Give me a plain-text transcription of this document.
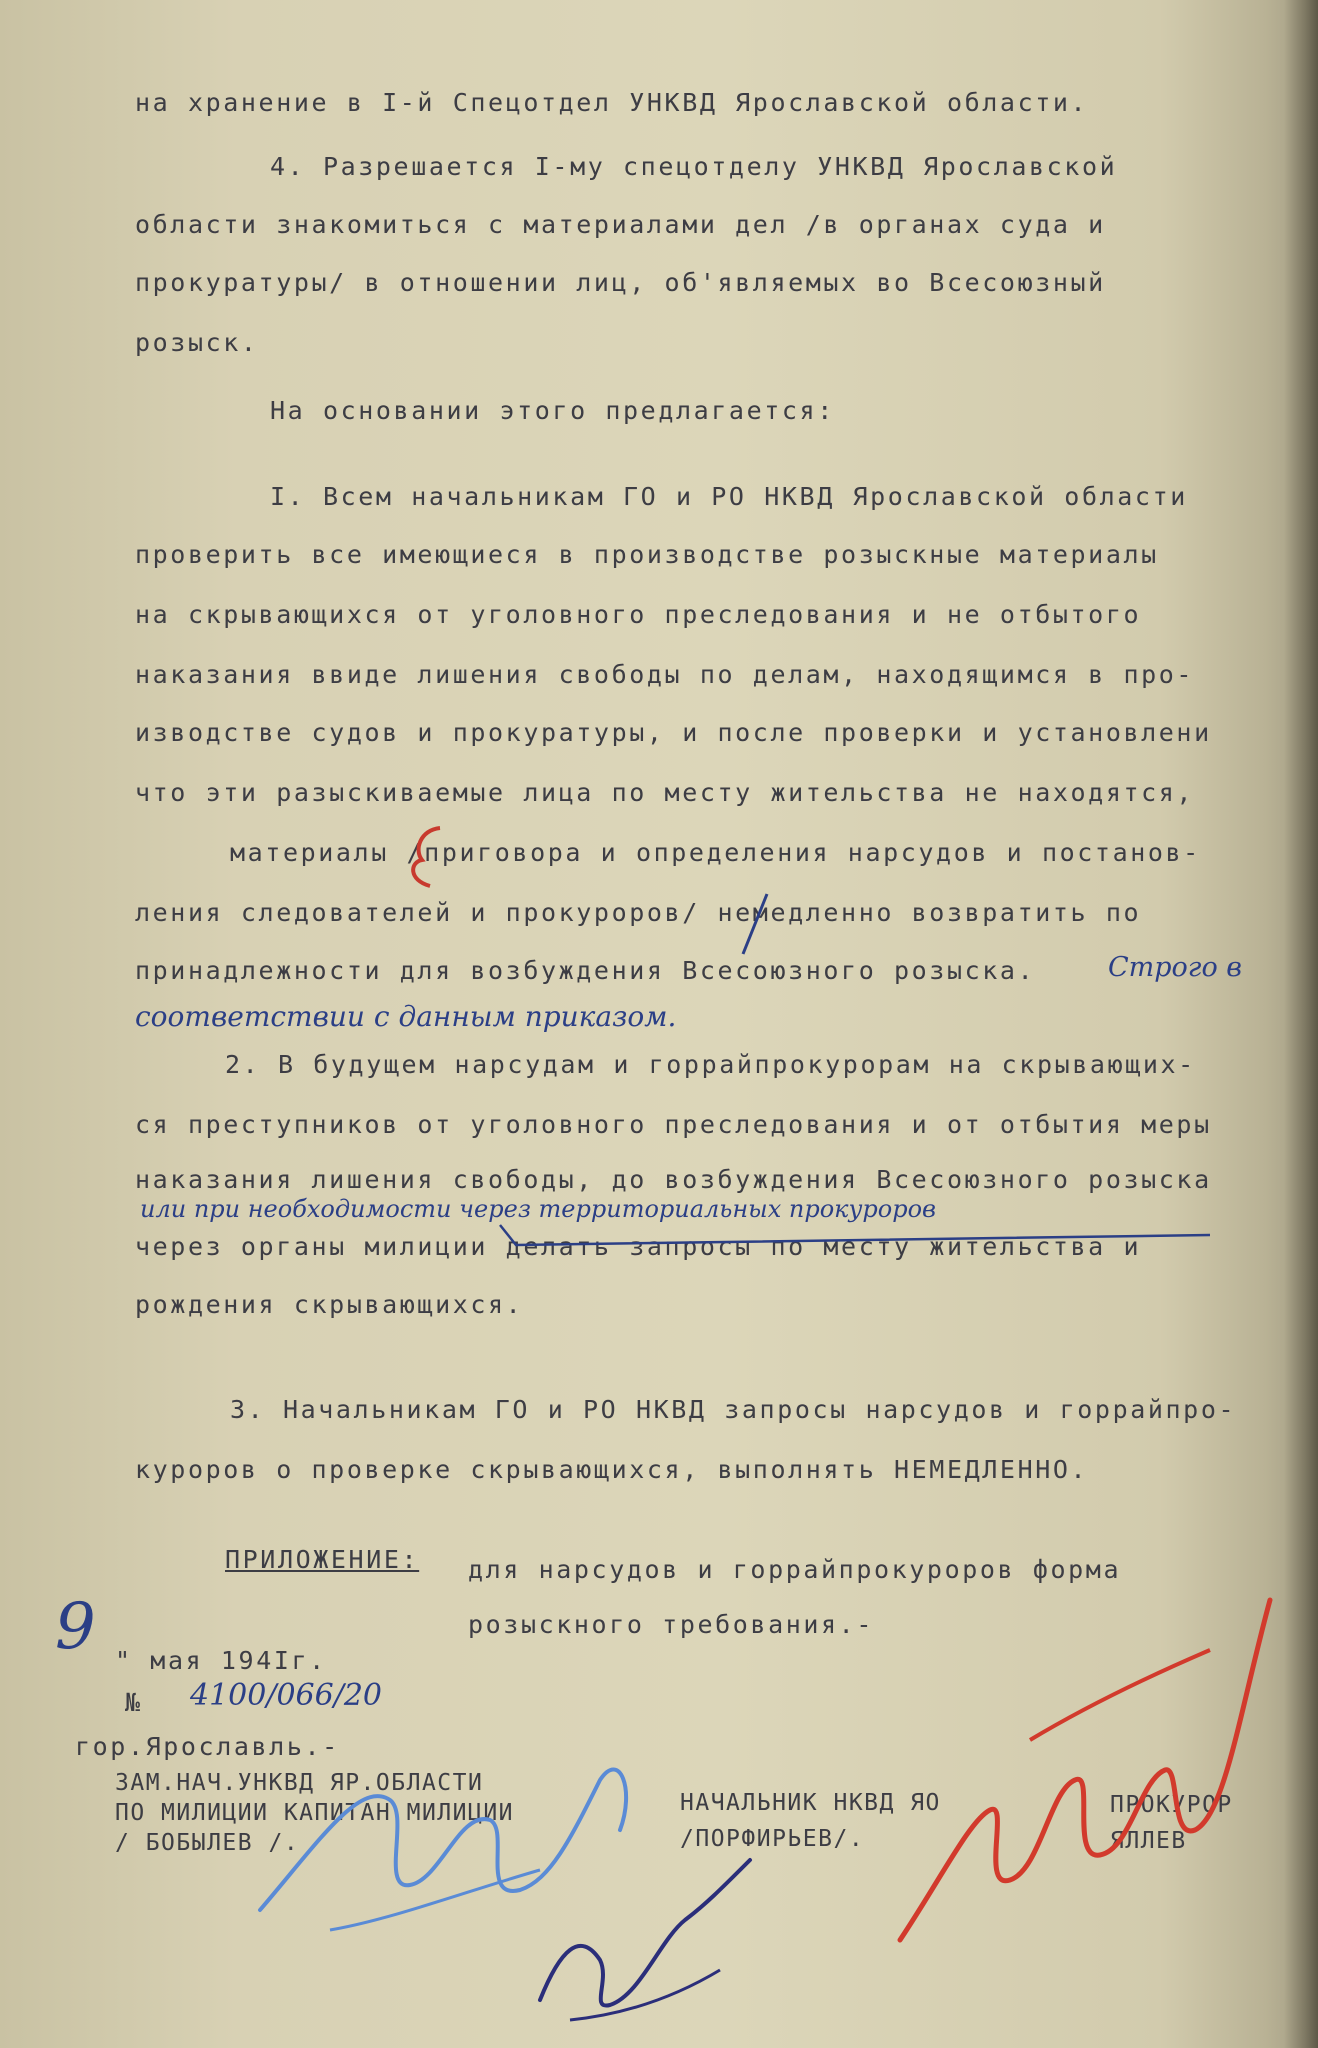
на хранение в I-й Спецотдел УНКВД Ярославской области.
4. Разрешается I-му спецотделу УНКВД Ярославской
области знакомиться с материалами дел /в органах суда и
прокуратуры/ в отношении лиц, об'являемых во Всесоюзный
розыск.
На основании этого предлагается:
I. Всем начальникам ГО и РО НКВД Ярославской области
проверить все имеющиеся в производстве розыскные материалы
на скрывающихся от уголовного преследования и не отбытого
наказания ввиде лишения свободы по делам, находящимся в про-
изводстве судов и прокуратуры, и после проверки и установлени
что эти разыскиваемые лица по месту жительства не находятся,
материалы /приговора и определения нарсудов и постанов-
ления следователей и прокуроров/ немедленно возвратить по
принадлежности для возбуждения Всесоюзного розыска.	Строго в
соответствии с данным приказом.
2. В будущем нарсудам и горрайпрокурорам на скрывающих-
ся преступников от уголовного преследования и от отбытия меры
наказания лишения свободы, до возбуждения Всесоюзного розыска
или при необходимости через территориальных прокуроров
через органы милиции делать запросы по месту жительства и
рождения скрывающихся.
3. Начальникам ГО и РО НКВД запросы нарсудов и горрайпро-
куроров о проверке скрывающихся, выполнять НЕМЕДЛЕННО.
ПРИЛОЖЕНИЕ: для нарсудов и горрайпрокуроров форма
розыскного требования.-
9 " мая 194Iг.
№ 4100/066/20
гор.Ярославль.-
ЗАМ.НАЧ.УНКВД ЯР.ОБЛАСТИ
ПО МИЛИЦИИ КАПИТАН МИЛИЦИИ
/ БОБЫЛЕВ /.
НАЧАЛЬНИК НКВД ЯО
/ПОРФИРЬЕВ/.
ПРОКУРОР
ЯЛЛЕВ
